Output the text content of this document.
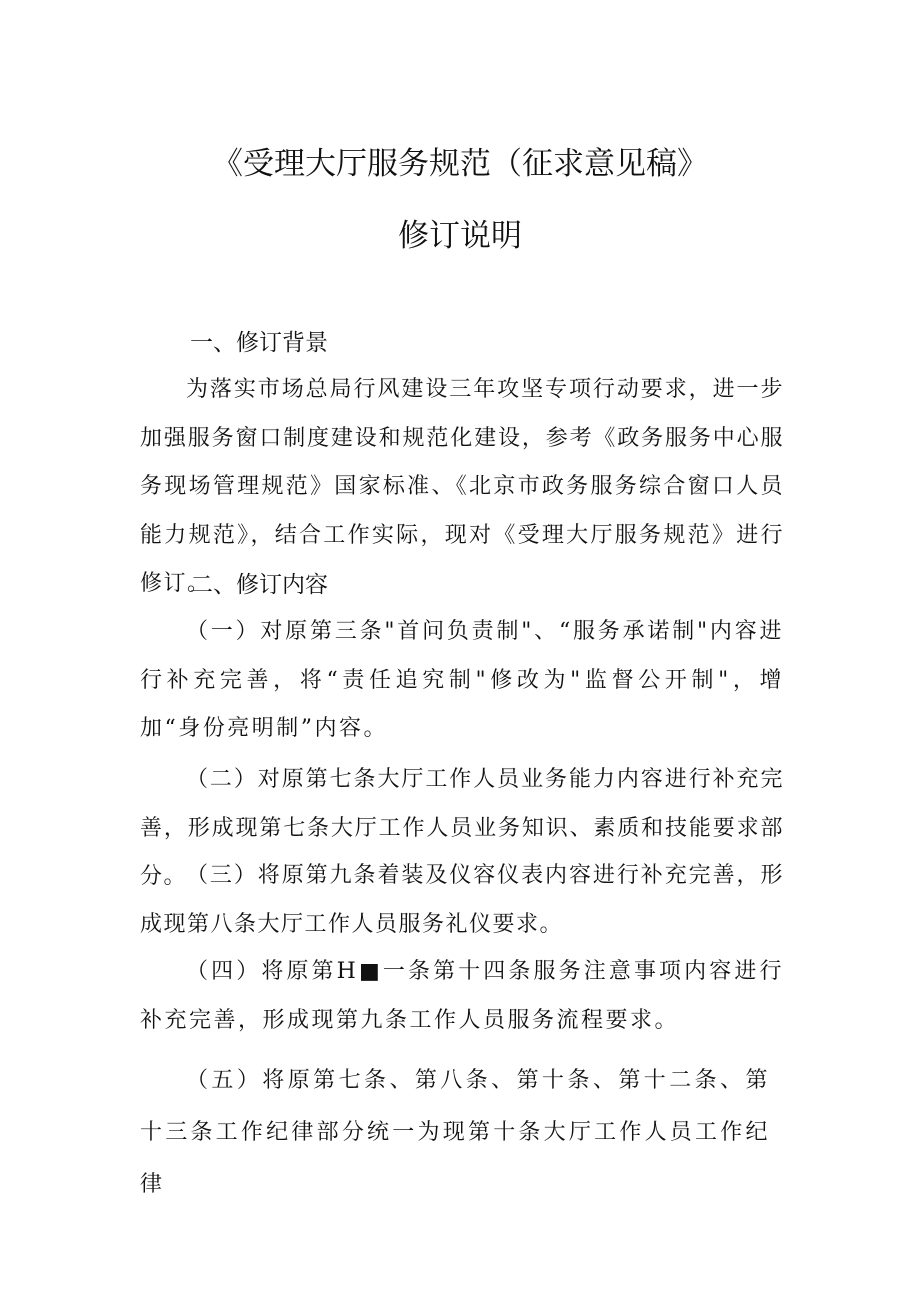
《受理大厅服务规范（征求意见稿》
修订说明
一、修订背景
为落实市场总局行风建设三年攻坚专项行动要求，进一步加强服务窗口制度建设和规范化建设，参考《政务服务中心服务现场管理规范》国家标准、《北京市政务服务综合窗口人员能力规范》，结合工作实际，现对《受理大厅服务规范》进行修订。
二、修订内容
（一）对原第三条"首问负责制"、“服务承诺制"内容进行补充完善，将“责任追究制"修改为"监督公开制"，增加“身份亮明制”内容。
（二）对原第七条大厅工作人员业务能力内容进行补充完善，形成现第七条大厅工作人员业务知识、素质和技能要求部分。
（三）将原第九条着装及仪容仪表内容进行补充完善，形成现第八条大厅工作人员服务礼仪要求。
（四）将原第H■一条第十四条服务注意事项内容进行补充完善，形成现第九条工作人员服务流程要求。
（五）将原第七条、第八条、第十条、第十二条、第十三条工作纪律部分统一为现第十条大厅工作人员工作纪律
